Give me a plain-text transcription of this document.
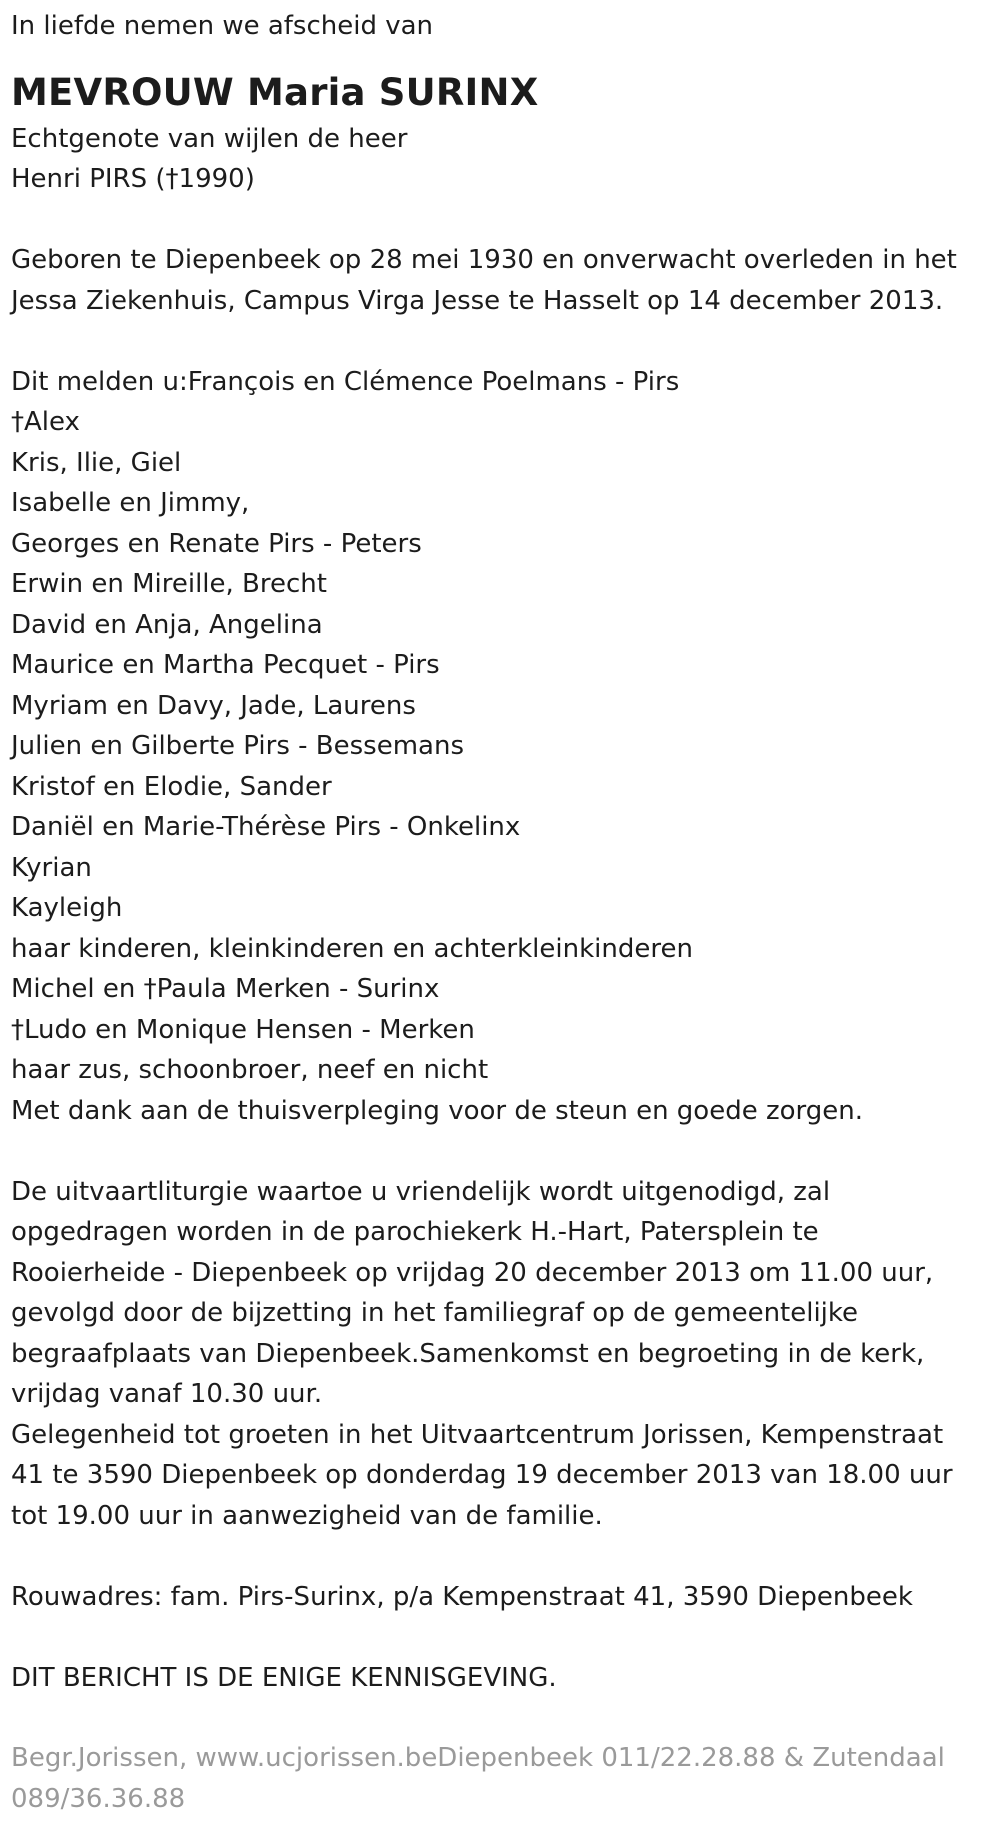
In liefde nemen we afscheid van

MEVROUW Maria SURINX

Echtgenote van wijlen de heer

Henri PIRS (†1990)

Geboren te Diepenbeek op 28 mei 1930 en onverwacht overleden in het

Jessa Ziekenhuis, Campus Virga Jesse te Hasselt op 14 december 2013.

Dit melden u:François en Clémence Poelmans - Pirs

†Alex

Kris, Ilie, Giel

Isabelle en Jimmy,

Georges en Renate Pirs - Peters

Erwin en Mireille, Brecht

David en Anja, Angelina

Maurice en Martha Pecquet - Pirs

Myriam en Davy, Jade, Laurens

Julien en Gilberte Pirs - Bessemans

Kristof en Elodie, Sander

Daniël en Marie-Thérèse Pirs - Onkelinx

Kyrian

Kayleigh

haar kinderen, kleinkinderen en achterkleinkinderen

Michel en †Paula Merken - Surinx

†Ludo en Monique Hensen - Merken

haar zus, schoonbroer, neef en nicht

Met dank aan de thuisverpleging voor de steun en goede zorgen.

De uitvaartliturgie waartoe u vriendelijk wordt uitgenodigd, zal

opgedragen worden in de parochiekerk H.-Hart, Patersplein te

Rooierheide - Diepenbeek op vrijdag 20 december 2013 om 11.00 uur,

gevolgd door de bijzetting in het familiegraf op de gemeentelijke

begraafplaats van Diepenbeek.Samenkomst en begroeting in de kerk,

vrijdag vanaf 10.30 uur.

Gelegenheid tot groeten in het Uitvaartcentrum Jorissen, Kempenstraat

41 te 3590 Diepenbeek op donderdag 19 december 2013 van 18.00 uur

tot 19.00 uur in aanwezigheid van de familie.

Rouwadres: fam. Pirs-Surinx, p/a Kempenstraat 41, 3590 Diepenbeek

DIT BERICHT IS DE ENIGE KENNISGEVING.

Begr.Jorissen, www.ucjorissen.beDiepenbeek 011/22.28.88 & Zutendaal

089/36.36.88
